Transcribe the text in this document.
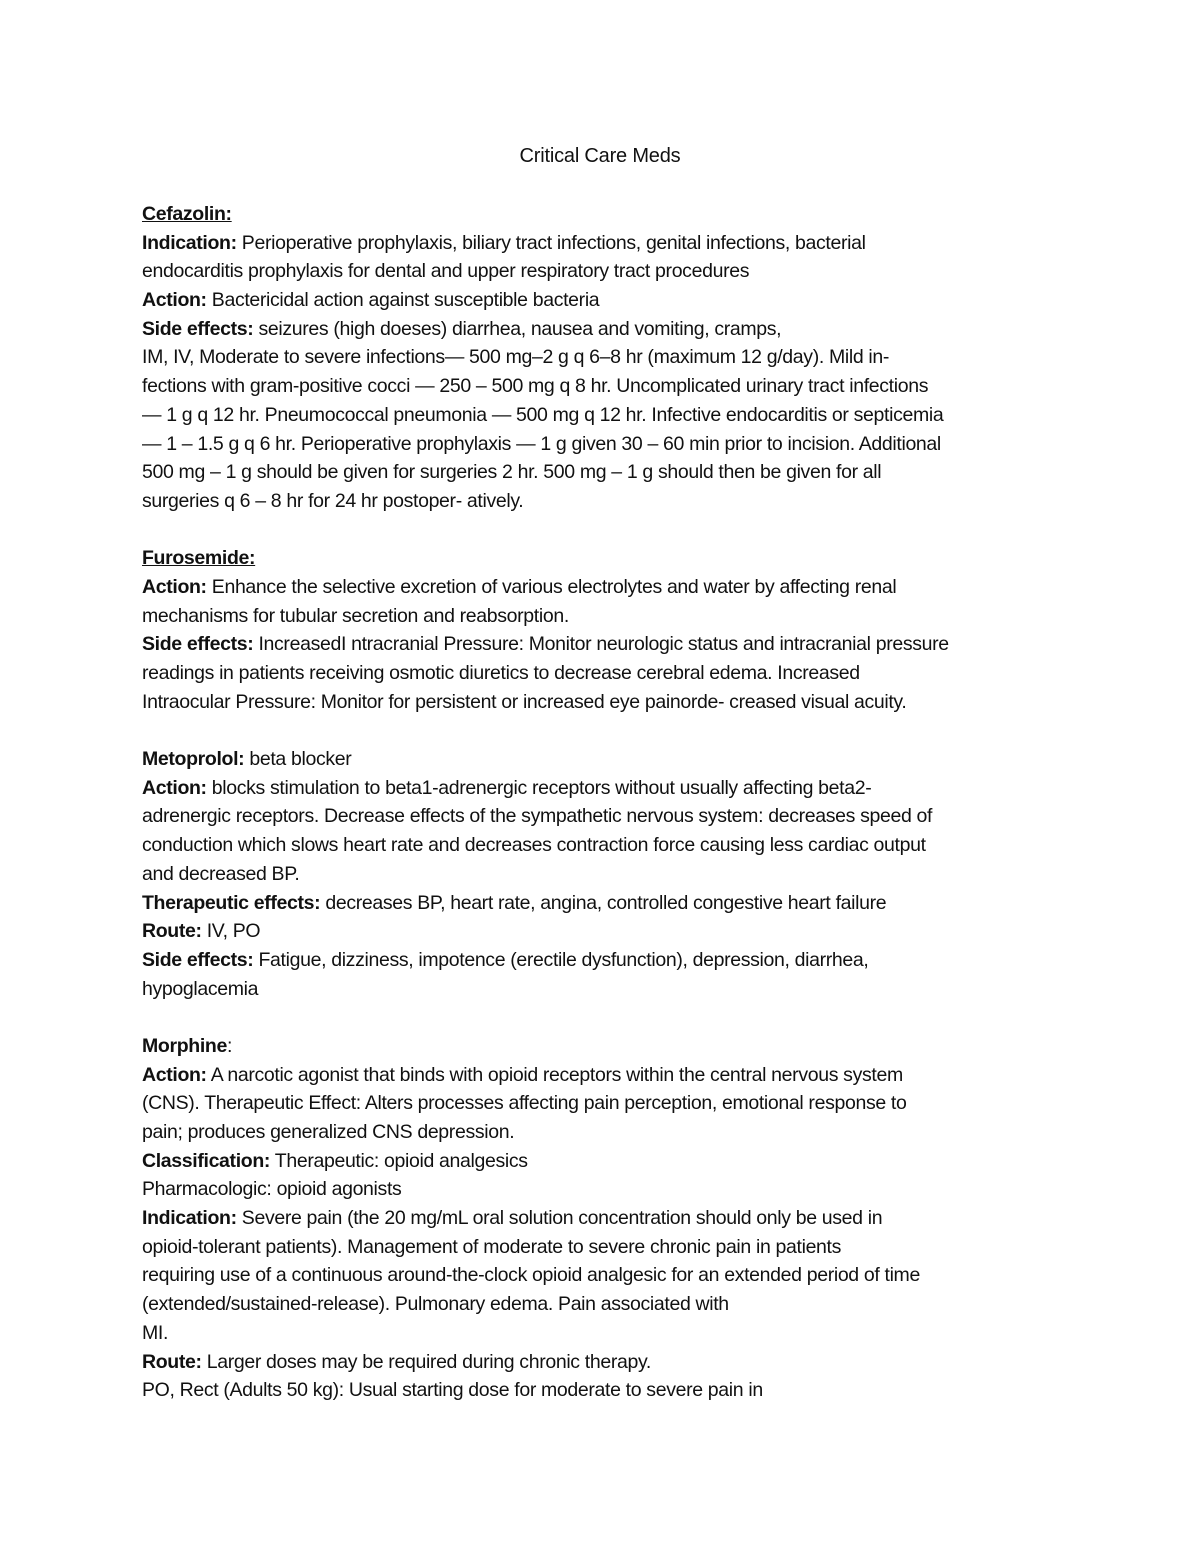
Critical Care Meds
Cefazolin:
Indication: Perioperative prophylaxis, biliary tract infections, genital infections, bacterial
endocarditis prophylaxis for dental and upper respiratory tract procedures
Action: Bactericidal action against susceptible bacteria
Side effects: seizures (high doeses) diarrhea, nausea and vomiting, cramps,
IM, IV, Moderate to severe infections— 500 mg–2 g q 6–8 hr (maximum 12 g/day). Mild in-
fections with gram-positive cocci — 250 – 500 mg q 8 hr. Uncomplicated urinary tract infections
— 1 g q 12 hr. Pneumococcal pneumonia — 500 mg q 12 hr. Infective endocarditis or septicemia
— 1 – 1.5 g q 6 hr. Perioperative prophylaxis — 1 g given 30 – 60 min prior to incision. Additional
500 mg – 1 g should be given for surgeries 2 hr. 500 mg – 1 g should then be given for all
surgeries q 6 – 8 hr for 24 hr postoper- atively.
Furosemide:
Action: Enhance the selective excretion of various electrolytes and water by affecting renal
mechanisms for tubular secretion and reabsorption.
Side effects: IncreasedI ntracranial Pressure: Monitor neurologic status and intracranial pressure
readings in patients receiving osmotic diuretics to decrease cerebral edema. Increased
Intraocular Pressure: Monitor for persistent or increased eye painorde- creased visual acuity.
Metoprolol: beta blocker
Action: blocks stimulation to beta1-adrenergic receptors without usually affecting beta2-
adrenergic receptors. Decrease effects of the sympathetic nervous system: decreases speed of
conduction which slows heart rate and decreases contraction force causing less cardiac output
and decreased BP.
Therapeutic effects: decreases BP, heart rate, angina, controlled congestive heart failure
Route: IV, PO
Side effects: Fatigue, dizziness, impotence (erectile dysfunction), depression, diarrhea,
hypoglacemia
Morphine:
Action: A narcotic agonist that binds with opioid receptors within the central nervous system
(CNS). Therapeutic Effect: Alters processes affecting pain perception, emotional response to
pain; produces generalized CNS depression.
Classification: Therapeutic: opioid analgesics
Pharmacologic: opioid agonists
Indication: Severe pain (the 20 mg/mL oral solution concentration should only be used in
opioid-tolerant patients). Management of moderate to severe chronic pain in patients
requiring use of a continuous around-the-clock opioid analgesic for an extended period of time
(extended/sustained-release). Pulmonary edema. Pain associated with
MI.
Route: Larger doses may be required during chronic therapy.
PO, Rect (Adults 50 kg): Usual starting dose for moderate to severe pain in
